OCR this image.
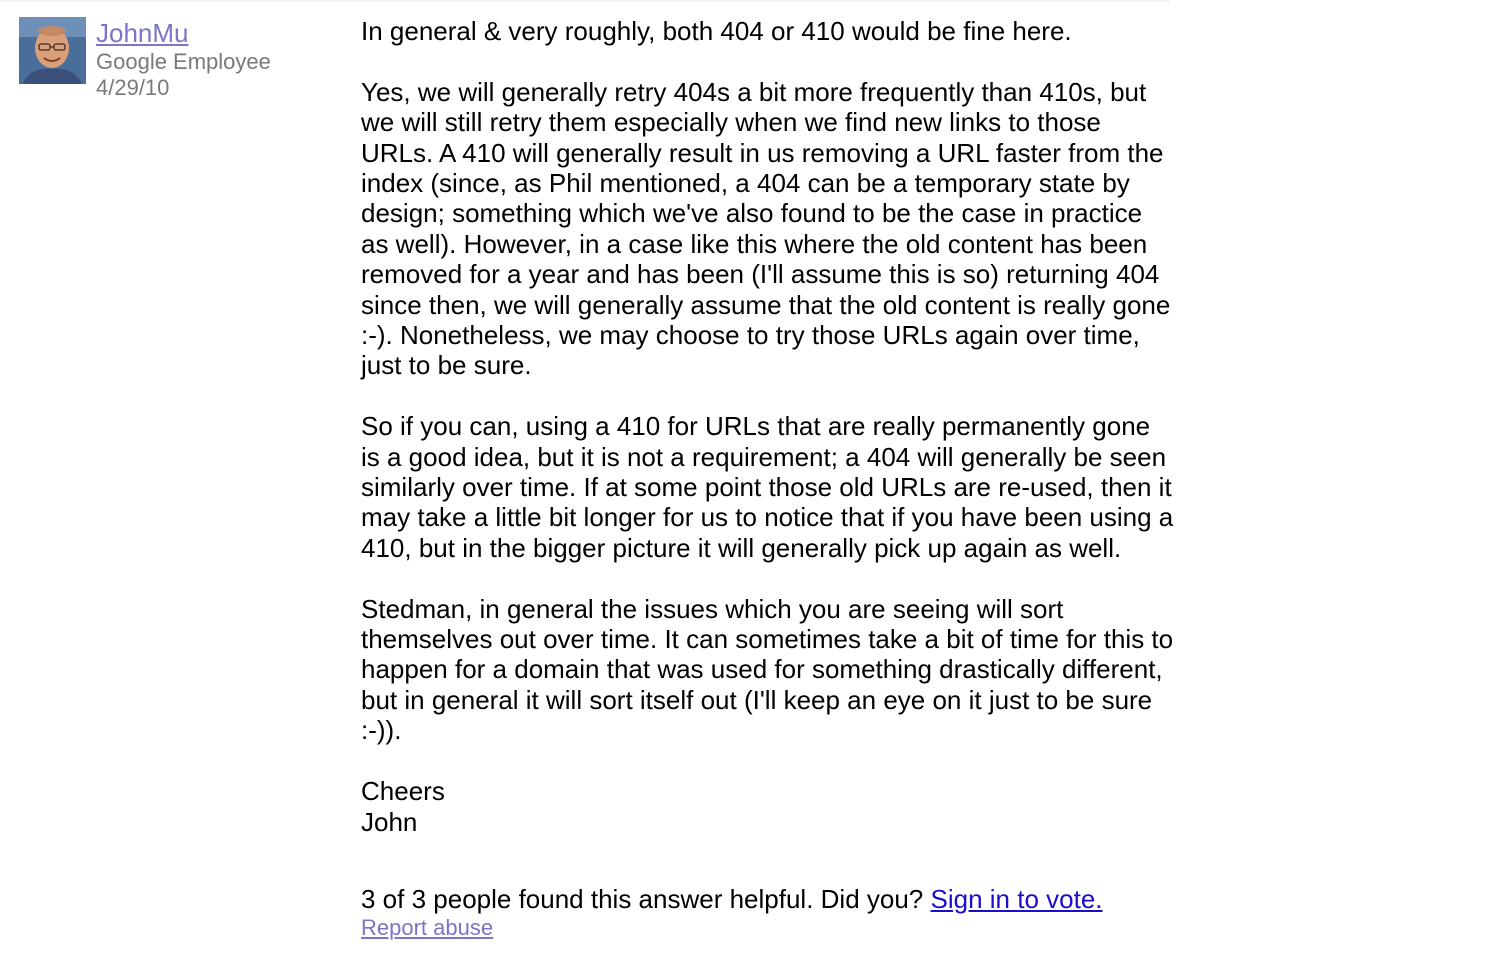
JohnMu
Google Employee
4/29/10

In general & very roughly, both 404 or 410 would be fine here.

Yes, we will generally retry 404s a bit more frequently than 410s, but we will still retry them especially when we find new links to those URLs. A 410 will generally result in us removing a URL faster from the index (since, as Phil mentioned, a 404 can be a temporary state by design; something which we've also found to be the case in practice as well). However, in a case like this where the old content has been removed for a year and has been (I'll assume this is so) returning 404 since then, we will generally assume that the old content is really gone :-). Nonetheless, we may choose to try those URLs again over time, just to be sure.

So if you can, using a 410 for URLs that are really permanently gone is a good idea, but it is not a requirement; a 404 will generally be seen similarly over time. If at some point those old URLs are re-used, then it may take a little bit longer for us to notice that if you have been using a 410, but in the bigger picture it will generally pick up again as well.

Stedman, in general the issues which you are seeing will sort themselves out over time. It can sometimes take a bit of time for this to happen for a domain that was used for something drastically different, but in general it will sort itself out (I'll keep an eye on it just to be sure :-)).

Cheers
John

3 of 3 people found this answer helpful. Did you? Sign in to vote.
Report abuse
